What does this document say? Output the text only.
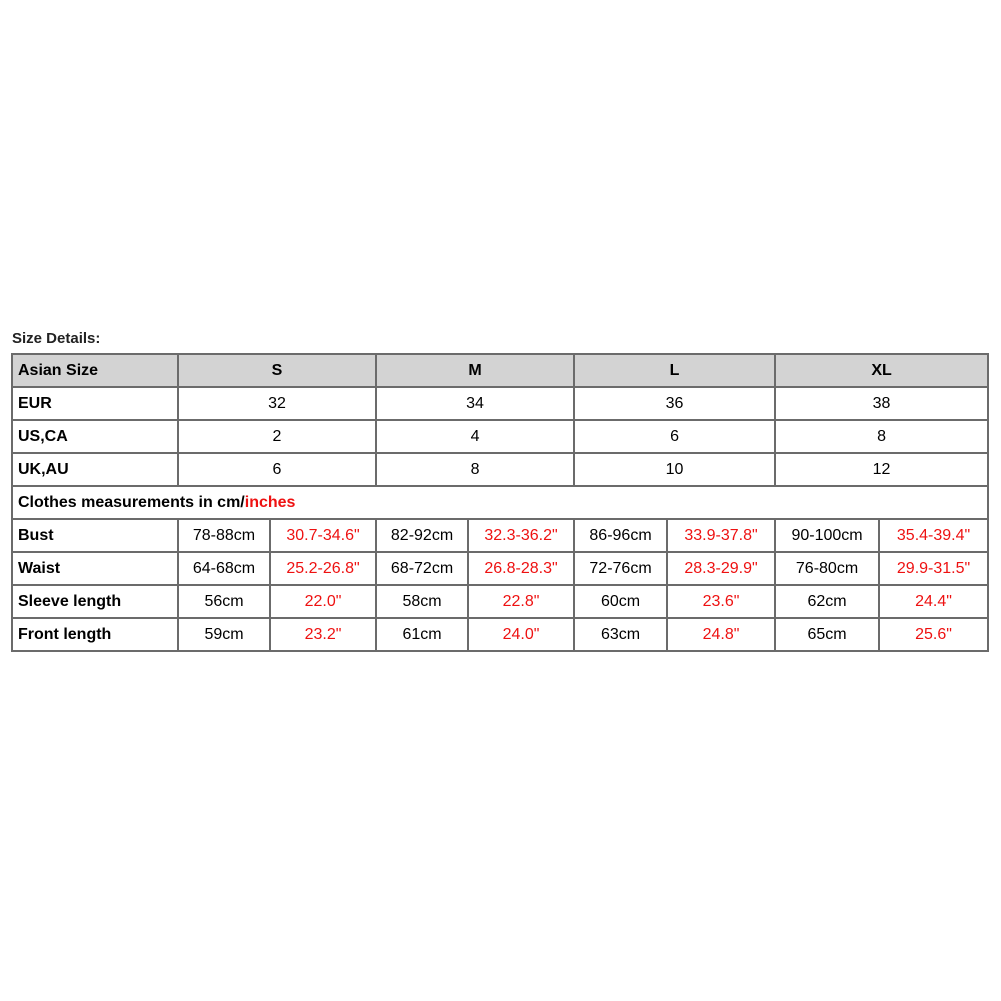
Size Details:
Asian Size	S		M		L		XL	
EUR	32		34		36		38	
US,CA	2		4		6		8	
UK,AU	6		8		10		12	
Clothes measurements in cm/inches								
Bust	78-88cm	30.7-34.6"	82-92cm	32.3-36.2"	86-96cm	33.9-37.8"	90-100cm	35.4-39.4"
Waist	64-68cm	25.2-26.8"	68-72cm	26.8-28.3"	72-76cm	28.3-29.9"	76-80cm	29.9-31.5"
Sleeve length	56cm	22.0"	58cm	22.8"	60cm	23.6"	62cm	24.4"
Front length	59cm	23.2"	61cm	24.0"	63cm	24.8"	65cm	25.6"
